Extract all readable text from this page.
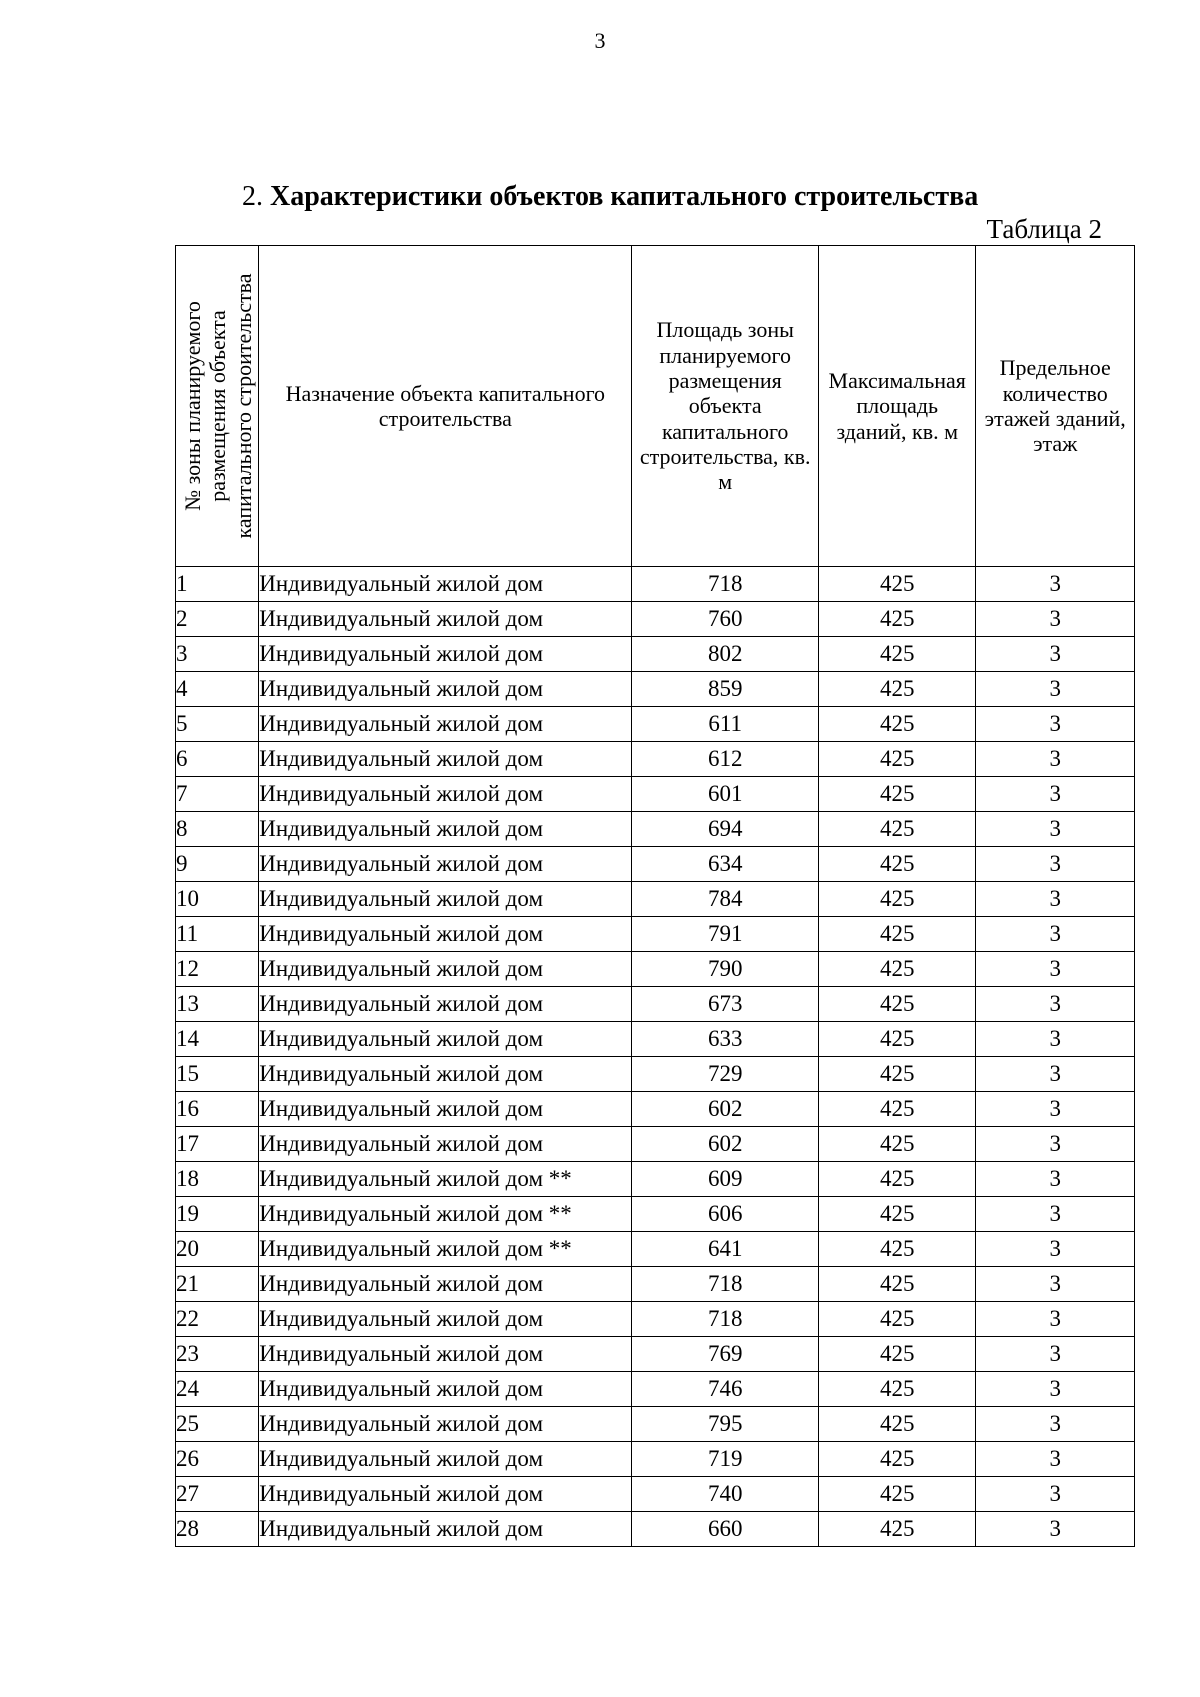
3
2. Характеристики объектов капитального строительства
Таблица 2
№ зоны планируемого размещения объекта капитального строительства	Назначение объекта капитального строительства	Площадь зоны планируемого размещения объекта капитального строительства, кв. м	Максимальная площадь зданий, кв. м	Предельное количество этажей зданий, этаж
1	Индивидуальный жилой дом	718	425	3
2	Индивидуальный жилой дом	760	425	3
3	Индивидуальный жилой дом	802	425	3
4	Индивидуальный жилой дом	859	425	3
5	Индивидуальный жилой дом	611	425	3
6	Индивидуальный жилой дом	612	425	3
7	Индивидуальный жилой дом	601	425	3
8	Индивидуальный жилой дом	694	425	3
9	Индивидуальный жилой дом	634	425	3
10	Индивидуальный жилой дом	784	425	3
11	Индивидуальный жилой дом	791	425	3
12	Индивидуальный жилой дом	790	425	3
13	Индивидуальный жилой дом	673	425	3
14	Индивидуальный жилой дом	633	425	3
15	Индивидуальный жилой дом	729	425	3
16	Индивидуальный жилой дом	602	425	3
17	Индивидуальный жилой дом	602	425	3
18	Индивидуальный жилой дом **	609	425	3
19	Индивидуальный жилой дом **	606	425	3
20	Индивидуальный жилой дом **	641	425	3
21	Индивидуальный жилой дом	718	425	3
22	Индивидуальный жилой дом	718	425	3
23	Индивидуальный жилой дом	769	425	3
24	Индивидуальный жилой дом	746	425	3
25	Индивидуальный жилой дом	795	425	3
26	Индивидуальный жилой дом	719	425	3
27	Индивидуальный жилой дом	740	425	3
28	Индивидуальный жилой дом	660	425	3
